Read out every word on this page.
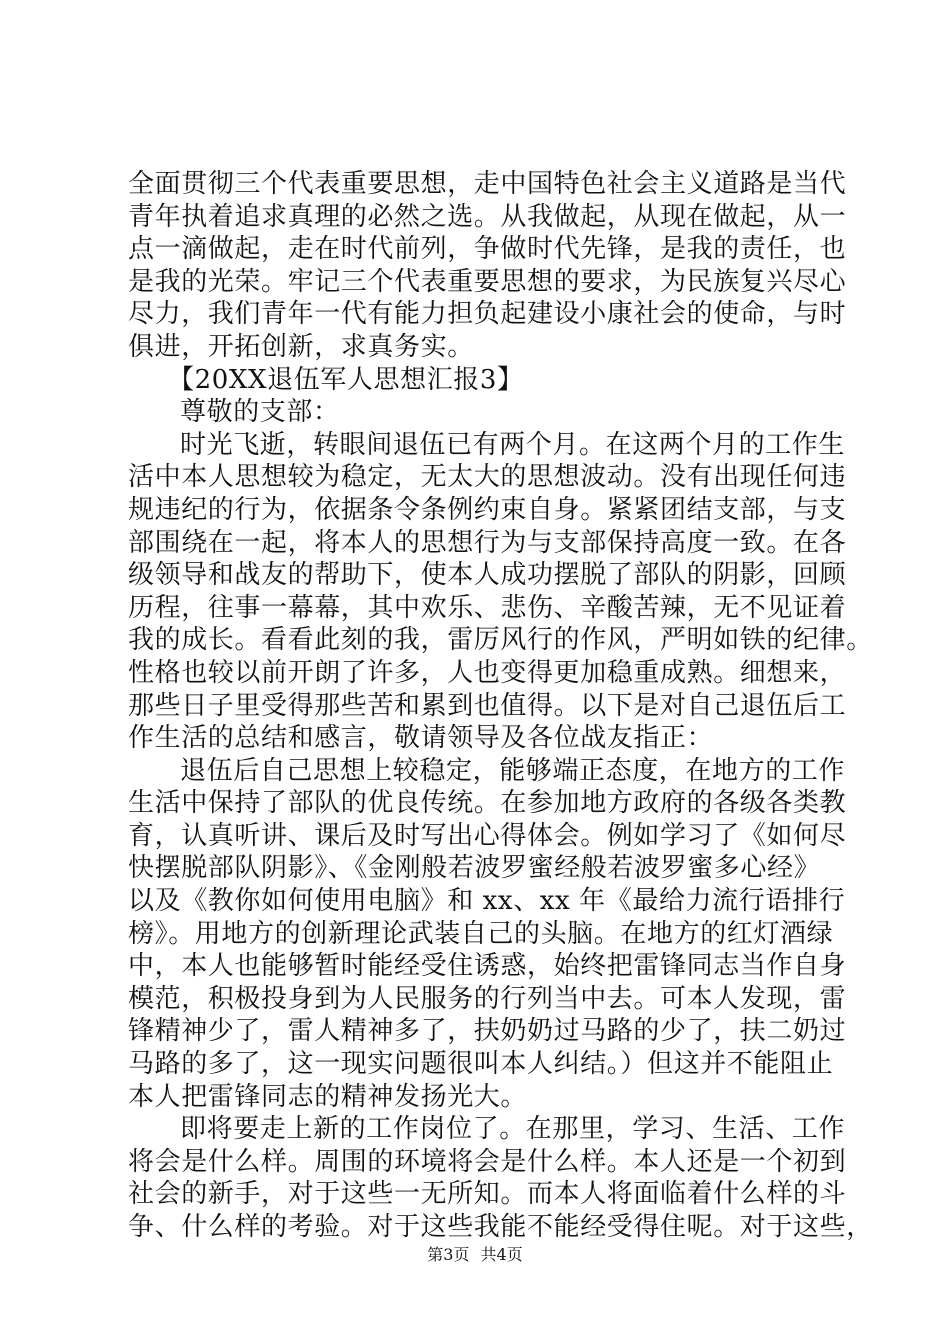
全面贯彻三个代表重要思想，走中国特色社会主义道路是当代
青年执着追求真理的必然之选。从我做起，从现在做起，从一
点一滴做起，走在时代前列，争做时代先锋，是我的责任，也
是我的光荣。牢记三个代表重要思想的要求，为民族复兴尽心
尽力，我们青年一代有能力担负起建设小康社会的使命，与时
俱进，开拓创新，求真务实。
【20XX退伍军人思想汇报3】
尊敬的支部：
时光飞逝，转眼间退伍已有两个月。在这两个月的工作生
活中本人思想较为稳定，无太大的思想波动。没有出现任何违
规违纪的行为，依据条令条例约束自身。紧紧团结支部，与支
部围绕在一起，将本人的思想行为与支部保持高度一致。在各
级领导和战友的帮助下，使本人成功摆脱了部队的阴影，回顾
历程，往事一幕幕，其中欢乐、悲伤、辛酸苦辣，无不见证着
我的成长。看看此刻的我，雷厉风行的作风，严明如铁的纪律。
性格也较以前开朗了许多，人也变得更加稳重成熟。细想来，
那些日子里受得那些苦和累到也值得。以下是对自己退伍后工
作生活的总结和感言，敬请领导及各位战友指正：
退伍后自己思想上较稳定，能够端正态度，在地方的工作
生活中保持了部队的优良传统。在参加地方政府的各级各类教
育，认真听讲、课后及时写出心得体会。例如学习了《如何尽
快摆脱部队阴影》、《金刚般若波罗蜜经般若波罗蜜多心经》
以及《教你如何使用电脑》和 xx、xx 年《最给力流行语排行
榜》。用地方的创新理论武装自己的头脑。在地方的红灯酒绿
中，本人也能够暂时能经受住诱惑，始终把雷锋同志当作自身
模范，积极投身到为人民服务的行列当中去。可本人发现，雷
锋精神少了，雷人精神多了，扶奶奶过马路的少了，扶二奶过
马路的多了，这一现实问题很叫本人纠结。）但这并不能阻止
本人把雷锋同志的精神发扬光大。
即将要走上新的工作岗位了。在那里，学习、生活、工作
将会是什么样。周围的环境将会是什么样。本人还是一个初到
社会的新手，对于这些一无所知。而本人将面临着什么样的斗
争、什么样的考验。对于这些我能不能经受得住呢。对于这些，
第3页 共4页
